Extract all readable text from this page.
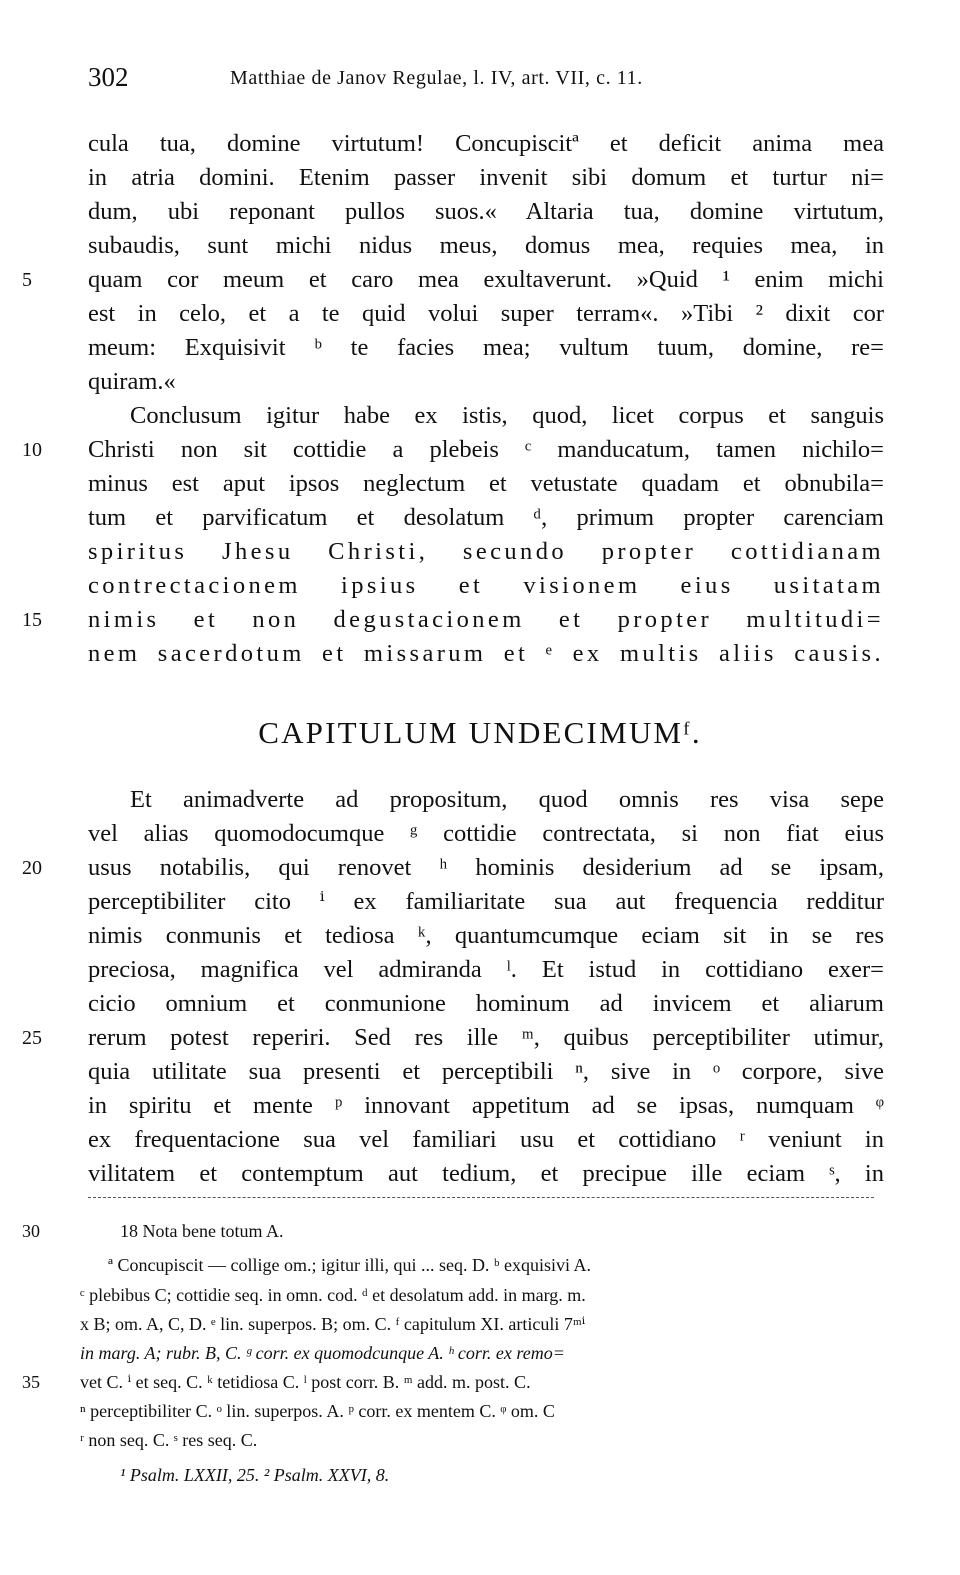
302	Matthiae de Janov Regulae, l. IV, art. VII, c. 11.
cula tua, domine virtutum! Concupiscitª et deficit anima mea
in atria domini. Etenim passer invenit sibi domum et turtur ni=
dum, ubi reponant pullos suos.« Altaria tua, domine virtutum,
subaudis, sunt michi nidus meus, domus mea, requies mea, in
5	quam cor meum et caro mea exultaverunt. »Quid ¹ enim michi
est in celo, et a te quid volui super terram«. »Tibi ² dixit cor
meum: Exquisivit ᵇ te facies mea; vultum tuum, domine, re=
quiram.«
Conclusum igitur habe ex istis, quod, licet corpus et sanguis
10	Christi non sit cottidie a plebeis ᶜ manducatum, tamen nichilo=
minus est aput ipsos neglectum et vetustate quadam et obnubila=
tum et parvificatum et desolatum ᵈ, primum propter carenciam
spiritus Jhesu Christi, secundo propter cottidianam
contrectacionem ipsius et visionem eius usitatam
15	nimis et non degustacionem et propter multitudi=
nem sacerdotum et missarum et ᵉ ex multis aliis causis.
CAPITULUM UNDECIMUMᶠ.
Et animadverte ad propositum, quod omnis res visa sepe
vel alias quomodocumque ᵍ cottidie contrectata, si non fiat eius
20	usus notabilis, qui renovet ʰ hominis desiderium ad se ipsam,
perceptibiliter cito ⁱ ex familiaritate sua aut frequencia redditur
nimis conmunis et tediosa ᵏ, quantumcumque eciam sit in se res
preciosa, magnifica vel admiranda ˡ. Et istud in cottidiano exer=
cicio omnium et conmunione hominum ad invicem et aliarum
25	rerum potest reperiri. Sed res ille ᵐ, quibus perceptibiliter utimur,
quia utilitate sua presenti et perceptibili ⁿ, sive in ᵒ corpore, sive
in spiritu et mente ᵖ innovant appetitum ad se ipsas, numquam ᵠ
ex frequentacione sua vel familiari usu et cottidiano ʳ veniunt in
vilitatem et contemptum aut tedium, et precipue ille eciam ˢ, in
30	18 Nota bene totum A.
ª Concupiscit — collige om.; igitur illi, qui ... seq. D. ᵇ exquisivi A.
ᶜ plebibus C; cottidie seq. in omn. cod. ᵈ et desolatum add. in marg. m.
x B; om. A, C, D. ᵉ lin. superpos. B; om. C. ᶠ capitulum XI. articuli 7ᵐⁱ
in marg. A; rubr. B, C. ᵍ corr. ex quomodcunque A. ʰ corr. ex remo=
35	vet C. ⁱ et seq. C. ᵏ tetidiosa C. ˡ post corr. B. ᵐ add. m. post. C.
ⁿ perceptibiliter C. ᵒ lin. superpos. A. ᵖ corr. ex mentem C. ᵠ om. C
ʳ non seq. C. ˢ res seq. C.
¹ Psalm. LXXII, 25. ² Psalm. XXVI, 8.
